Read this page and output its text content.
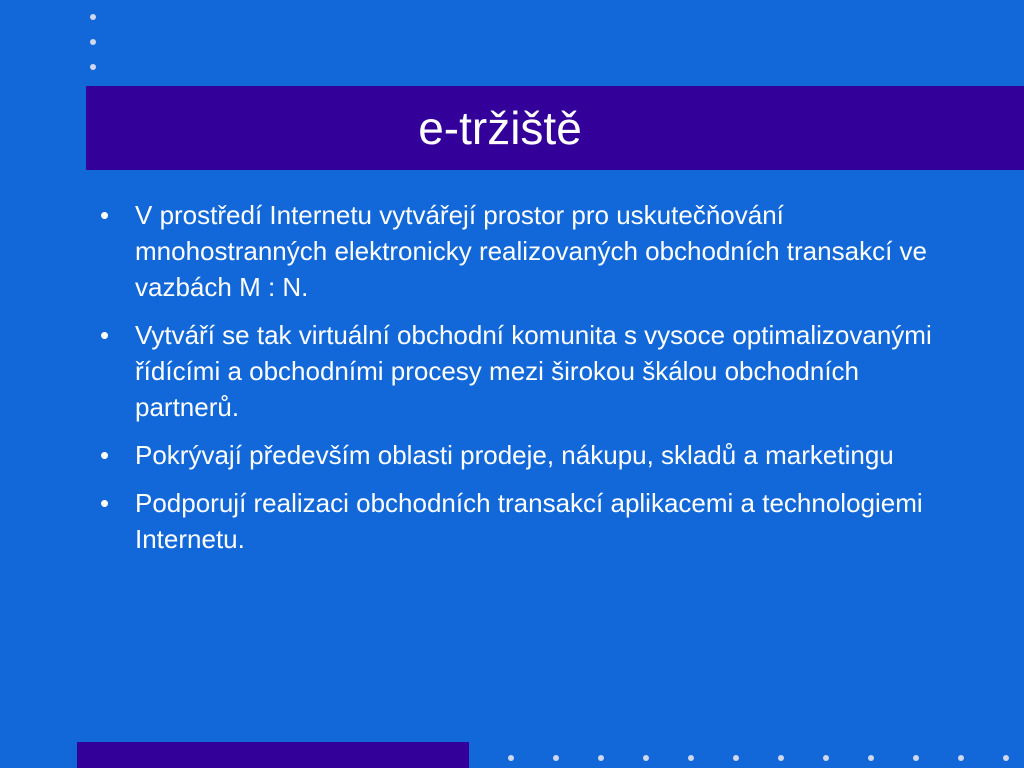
e-tržiště
• V prostředí Internetu vytvářejí prostor pro uskutečňování mnohostranných elektronicky realizovaných obchodních transakcí ve vazbách M : N.
• Vytváří se tak virtuální obchodní komunita s vysoce optimalizovanými řídícími a obchodními procesy mezi širokou škálou obchodních partnerů.
• Pokrývají především oblasti prodeje, nákupu, skladů a marketingu
• Podporují realizaci obchodních transakcí aplikacemi a technologiemi Internetu.
